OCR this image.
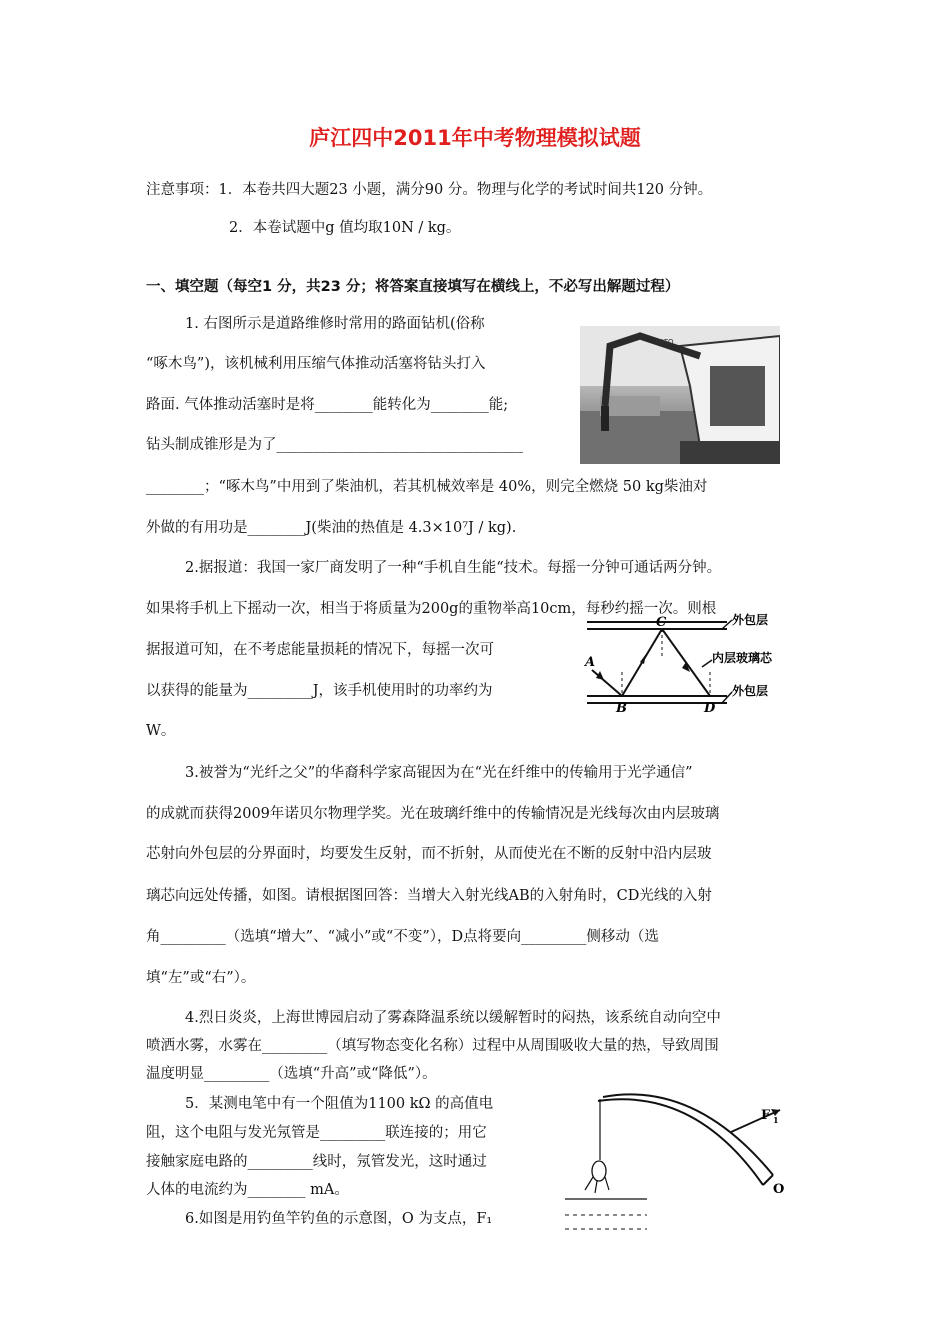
庐江四中2011年中考物理模拟试题
注意事项：1．本卷共四大题23 小题，满分90 分。物理与化学的考试时间共120 分钟。
2．本卷试题中g 值均取10N / kg。
一、填空题（每空1 分，共23 分；将答案直接填写在横线上，不必写出解题过程）
1. 右图所示是道路维修时常用的路面钻机(俗称
“啄木鸟”)，该机械利用压缩气体推动活塞将钻头打入
路面. 气体推动活塞时是将________能转化为________能;
钻头制成锥形是为了__________________________________
________；“啄木鸟”中用到了柴油机，若其机械效率是 40%，则完全燃烧 50 kg柴油对
外做的有用功是________J(柴油的热值是 4.3×10⁷J / kg).
KATO
2.据报道：我国一家厂商发明了一种“手机自生能“技术。每摇一分钟可通话两分钟。
如果将手机上下摇动一次，相当于将质量为200g的重物举高10cm，每秒约摇一次。则根
据报道可知，在不考虑能量损耗的情况下，每摇一次可
以获得的能量为_________J，该手机使用时的功率约为
W。
A
B
C
D
外包层
内层玻璃芯
外包层
3.被誉为“光纤之父”的华裔科学家高锟因为在“光在纤维中的传输用于光学通信”
的成就而获得2009年诺贝尔物理学奖。光在玻璃纤维中的传输情况是光线每次由内层玻璃
芯射向外包层的分界面时，均要发生反射，而不折射，从而使光在不断的反射中沿内层玻
璃芯向远处传播，如图。请根据图回答：当增大入射光线AB的入射角时，CD光线的入射
角_________（选填“增大”、“减小”或“不变”），D点将要向_________侧移动（选
填“左”或“右”）。
4.烈日炎炎，上海世博园启动了雾森降温系统以缓解暂时的闷热，该系统自动向空中
喷洒水雾，水雾在_________（填写物态变化名称）过程中从周围吸收大量的热，导致周围
温度明显_________（选填“升高”或“降低”）。
5．某测电笔中有一个阻值为1100 kΩ 的高值电
阻，这个电阻与发光氖管是_________联连接的；用它
接触家庭电路的_________线时，氖管发光，这时通过
人体的电流约为________ mA。
6.如图是用钓鱼竿钓鱼的示意图，O 为支点，F₁
F 1
O
